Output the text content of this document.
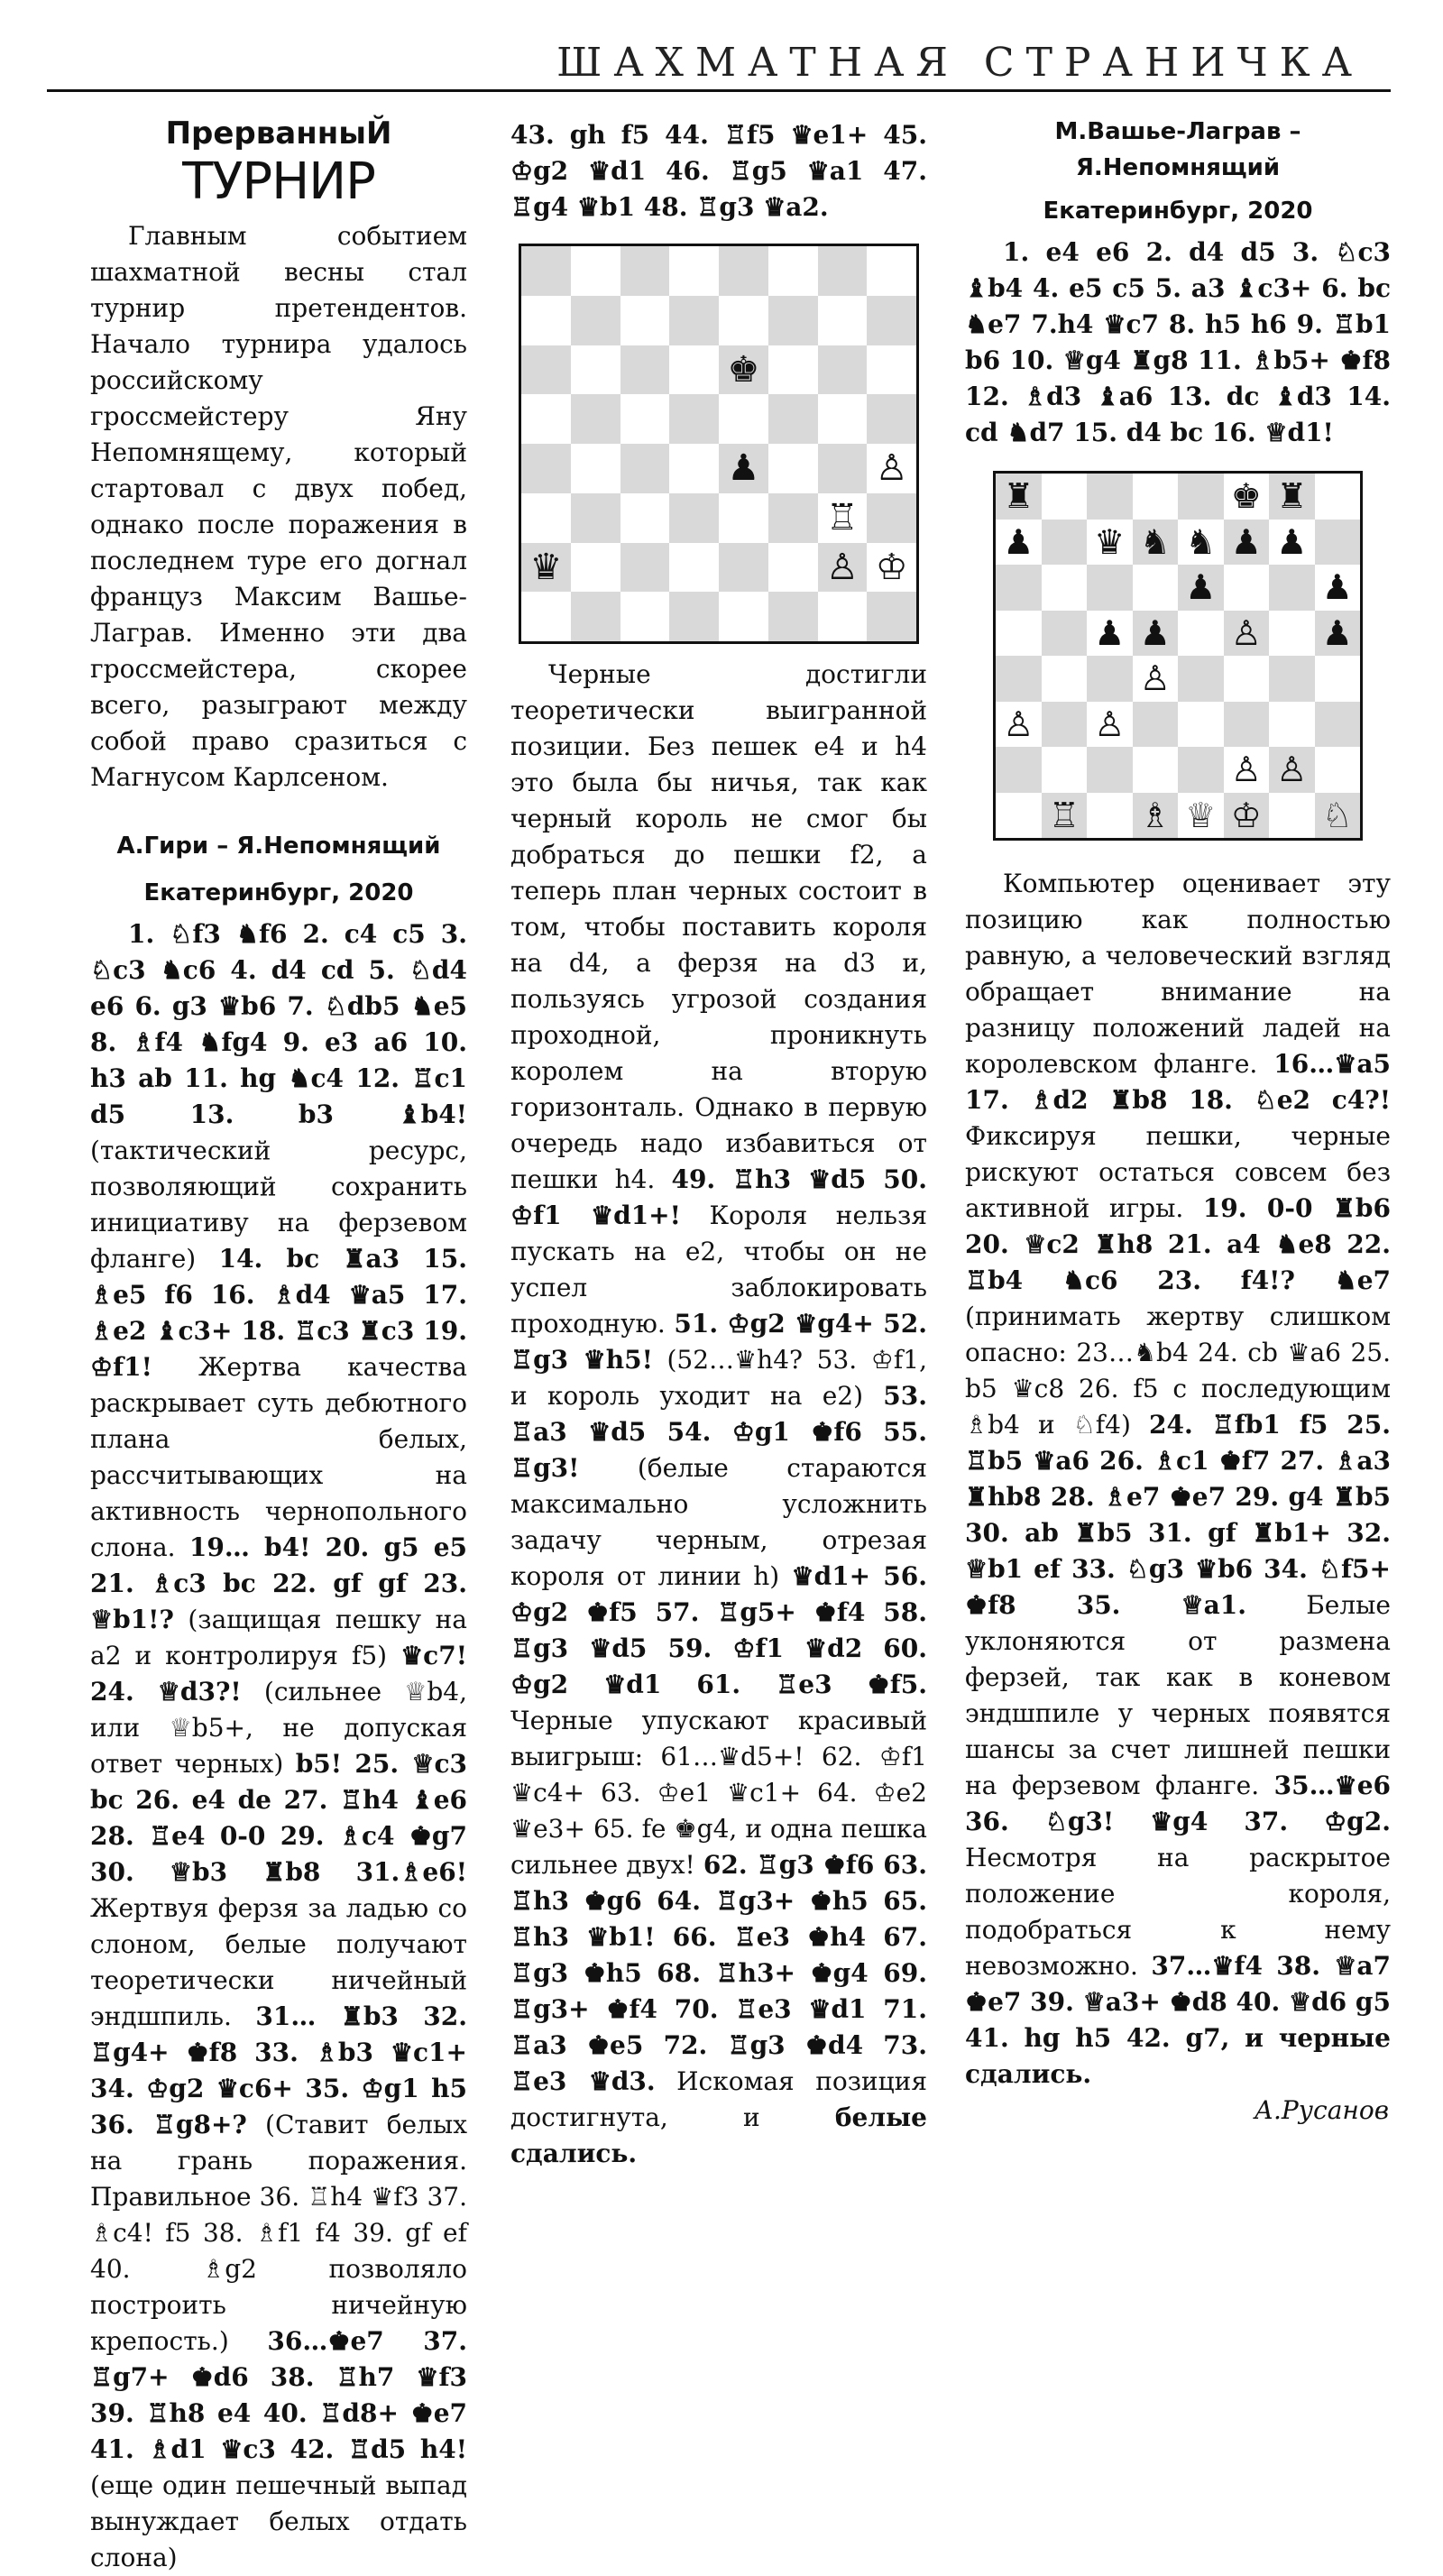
ШАХМАТНАЯ СТРАНИЧКА
ПрерванныЙ
ТУРНИР

Главным событием шахматной весны стал турнир претендентов. Начало турнира удалось российскому гроссмейстеру Яну Непомнящему, который стартовал с двух побед, однако после поражения в последнем туре его догнал француз Максим Вашье-Лаграв. Именно эти два гроссмейстера, скорее всего, разыграют между собой право сразиться с Магнусом Карлсеном.

А.Гири – Я.Непомнящий
Екатеринбург, 2020

1. ♘f3 ♞f6 2. c4 c5 3. ♘c3 ♞c6 4. d4 cd 5. ♘d4 e6 6. g3 ♛b6 7. ♘db5 ♞e5 8. ♗f4 ♞fg4 9. e3 a6 10. h3 ab 11. hg ♞c4 12. ♖c1 d5 13. b3 ♝b4! (тактический ресурс, позволяющий сохранить инициативу на ферзевом фланге) 14. bc ♜a3 15. ♗e5 f6 16. ♗d4 ♛a5 17. ♗e2 ♝c3+ 18. ♖c3 ♜c3 19. ♔f1! Жертва качества раскрывает суть дебютного плана белых, рассчитывающих на активность чернопольного слона. 19… b4! 20. g5 e5 21. ♗c3 bc 22. gf gf 23. ♕b1!? (защищая пешку на a2 и контролируя f5) ♛c7! 24. ♕d3?! (сильнее ♕b4, или ♕b5+, не допуская ответ черных) b5! 25. ♕c3 bc 26. e4 de 27. ♖h4 ♝e6 28. ♖e4 0-0 29. ♗c4 ♚g7 30. ♕b3 ♜b8 31.♗e6! Жертвуя ферзя за ладью со слоном, белые получают теоретически ничейный эндшпиль. 31… ♜b3 32. ♖g4+ ♚f8 33. ♗b3 ♛c1+ 34. ♔g2 ♛c6+ 35. ♔g1 h5 36. ♖g8+? (Ставит белых на грань поражения. Правильное 36. ♖h4 ♛f3 37. ♗c4! f5 38. ♗f1 f4 39. gf ef 40. ♗g2 позволяло построить ничейную крепость.) 36…♚e7 37. ♖g7+ ♚d6 38. ♖h7 ♛f3 39. ♖h8 e4 40. ♖d8+ ♚e7 41. ♗d1 ♛c3 42. ♖d5 h4! (еще один пешечный выпад вынуждает белых отдать слона)

43. gh f5 44. ♖f5 ♛e1+ 45. ♔g2 ♛d1 46. ♖g5 ♛a1 47. ♖g4 ♛b1 48. ♖g3 ♛a2.

♚
♟	♙
♖
♛	♙ ♔

Черные достигли теоретически выигранной позиции. Без пешек е4 и h4 это была бы ничья, так как черный король не смог бы добраться до пешки f2, а теперь план черных состоит в том, чтобы поставить короля на d4, а ферзя на d3 и, пользуясь угрозой создания проходной, проникнуть королем на вторую горизонталь. Однако в первую очередь надо избавиться от пешки h4. 49. ♖h3 ♛d5 50. ♔f1 ♛d1+! Короля нельзя пускать на е2, чтобы он не успел заблокировать проходную. 51. ♔g2 ♛g4+ 52. ♖g3 ♛h5! (52…♛h4? 53. ♔f1, и король уходит на е2) 53. ♖a3 ♛d5 54. ♔g1 ♚f6 55. ♖g3! (белые стараются максимально усложнить задачу черным, отрезая короля от линии h) ♛d1+ 56. ♔g2 ♚f5 57. ♖g5+ ♚f4 58. ♖g3 ♛d5 59. ♔f1 ♛d2 60. ♔g2 ♛d1 61. ♖e3 ♚f5. Черные упускают красивый выигрыш: 61…♛d5+! 62. ♔f1 ♛c4+ 63. ♔e1 ♛c1+ 64. ♔e2 ♛e3+ 65. fe ♚g4, и одна пешка сильнее двух! 62. ♖g3 ♚f6 63. ♖h3 ♚g6 64. ♖g3+ ♚h5 65. ♖h3 ♛b1! 66. ♖e3 ♚h4 67. ♖g3 ♚h5 68. ♖h3+ ♚g4 69. ♖g3+ ♚f4 70. ♖e3 ♛d1 71. ♖a3 ♚e5 72. ♖g3 ♚d4 73. ♖e3 ♛d3. Искомая позиция достигнута, и белые сдались.

М.Вашье-Лаграв –
Я.Непомнящий
Екатеринбург, 2020

1. e4 e6 2. d4 d5 3. ♘c3 ♝b4 4. e5 c5 5. a3 ♝c3+ 6. bc ♞e7 7.h4 ♛c7 8. h5 h6 9. ♖b1 b6 10. ♕g4 ♜g8 11. ♗b5+ ♚f8 12. ♗d3 ♝a6 13. dc ♝d3 14. cd ♞d7 15. d4 bc 16. ♕d1!

♜	♚ ♜
♟ ♛ ♞ ♞ ♟ ♟
♟	♟
♟ ♟ ♙ ♟
♙
♙ ♙
♙ ♙
♖ ♗ ♕ ♔ ♘

Компьютер оценивает эту позицию как полностью равную, а человеческий взгляд обращает внимание на разницу положений ладей на королевском фланге. 16…♛a5 17. ♗d2 ♜b8 18. ♘e2 c4?! Фиксируя пешки, черные рискуют остаться совсем без активной игры. 19. 0-0 ♜b6 20. ♕c2 ♜h8 21. a4 ♞e8 22. ♖b4 ♞c6 23. f4!? ♞e7 (принимать жертву слишком опасно: 23…♞b4 24. cb ♛a6 25. b5 ♛c8 26. f5 с последующим ♗b4 и ♘f4) 24. ♖fb1 f5 25. ♖b5 ♛a6 26. ♗c1 ♚f7 27. ♗a3 ♜hb8 28. ♗e7 ♚e7 29. g4 ♜b5 30. ab ♜b5 31. gf ♜b1+ 32. ♕b1 ef 33. ♘g3 ♛b6 34. ♘f5+ ♚f8 35. ♕a1. Белые уклоняются от размена ферзей, так как в коневом эндшпиле у черных появятся шансы за счет лишней пешки на ферзевом фланге. 35…♛e6 36. ♘g3! ♛g4 37. ♔g2. Несмотря на раскрытое положение короля, подобраться к нему невозможно. 37…♛f4 38. ♕a7 ♚e7 39. ♕a3+ ♚d8 40. ♕d6 g5 41. hg h5 42. g7, и черные сдались.

А.Русанов
